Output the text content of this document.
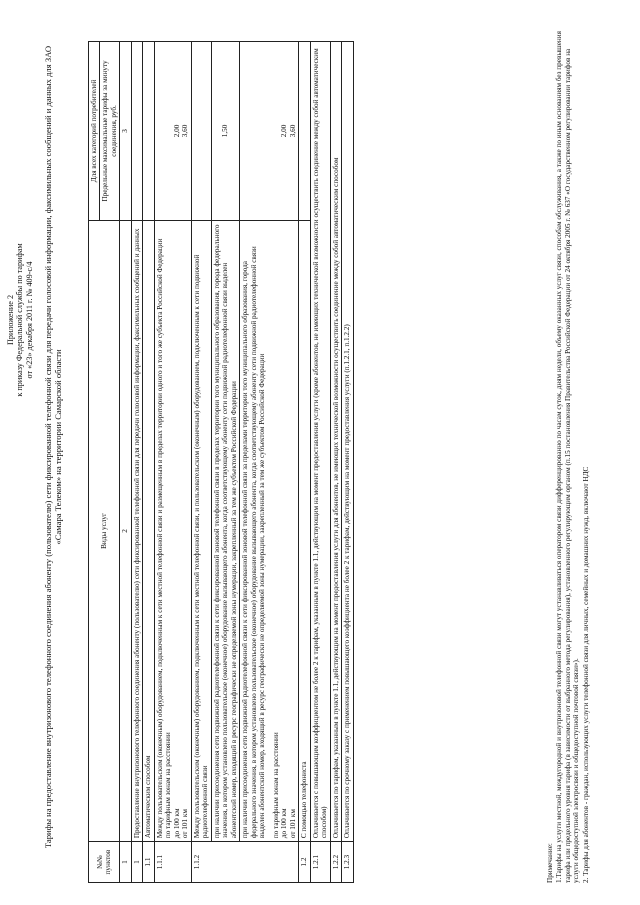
Приложение 2 к приказу Федеральной службы по тарифам от «23» декабря 2011 г. № 409-с/4 Тарифы на предоставление внутризонового телефонного соединения абоненту (пользователю) сети фиксированной телефонной связи для передачи голосовой информации, факсимильных сообщений и данных для ЗАО «Самара Телеком» на территории Самарской области
№№ пунктов	Виды услуг	Для всех категорий потребителей
		Предельные максимальные тарифы за минуту соединения, руб.
1	2	3
1	Предоставление внутризонового телефонного соединения абоненту (пользователю) сети фиксированной телефонной связи для передачи голосовой информации, факсимильных сообщений и данных	
1.1	Автоматическим способом	
1.1.1	Между пользовательским (оконечным) оборудованием, подключенным к сети местной телефонной связи и размещенным в пределах территории одного и того же субъекта Российской Федерации по тарифным зонам на расстоянии до 100 км от 101 км	2,00 3,60

1.1.2	Между пользовательским (оконечным) оборудованием, подключенным к сети местной телефонной связи, и пользовательским (оконечным) оборудованием, подключенным к сети подвижной радиотелефонной связи	
	при наличии присоединения сети подвижной радиотелефонной связи к сети фиксированной зоновой телефонной связи в пределах территории того муниципального образования, города федерального значения, в котором установлено пользовательское (оконечное) оборудование вызывающего абонента, когда соответствующему абоненту сети подвижной радиотелефонной связи выделен абонентский номер, входящий в ресурс географически не определяемой зоны нумерации, закрепленный за тем же субъектом Российской Федерации	1,50

	при наличии присоединения сети подвижной радиотелефонной связи к сети фиксированной зоновой телефонной связи за пределами территории того муниципального образования, города федерального значения, в котором установлено пользовательское (оконечное) оборудование вызывающего абонента, когда соответствующему абоненту сети подвижной радиотелефонной связи выделен абонентский номер, входящий в ресурс географически не определяемой зоны нумерации, закрепленный за тем же субъектом Российской Федерации по тарифным зонам на расстоянии до 100 км от 101 км	2,00 3,60

1.2	С помощью телефониста	
1.2.1	Оплачивается с повышающим коэффициентом не более 2 к тарифам, указанным в пункте 1.1, действующим на момент предоставления услуги (кроме абонентов, не имеющих технической возможности осуществить соединение между собой автоматическим способом)	
1.2.2	Оплачивается по тарифам, указанным в пункте 1.1, действующим на момент предоставления услуги для абонентов, не имеющих технической возможности осуществить соединение между собой автоматическим способом	
1.2.3	Оплачивается по срочному заказу с применением повышающего коэффициента не более 2 к тарифам, действующим на момент предоставления услуги (п.1.2.1, п.1.2.2)	

Примечание: 1.Тарифы на услуги местной, междугородной и внутризоновой телефонной связи могут устанавливаться оператором связи дифференцированно по часам суток, дням недели, объему оказанных услуг связи, способам обслуживания, а также по иным основаниям без превышения тарифа или предельного уровня тарифа (в зависимости от выбранного метода регулирования), установленного регулирующим органом (п.15 постановления Правительства Российской Федерации от 24 октября 2005 г. № 637 «О государственном регулировании тарифов на услуги общедоступной электросвязи и общедоступной почтовой связи»). 2. Тарифы для абонентов - граждан, использующих услуги телефонной связи для личных, семейных и домашних нужд, включают НДС
